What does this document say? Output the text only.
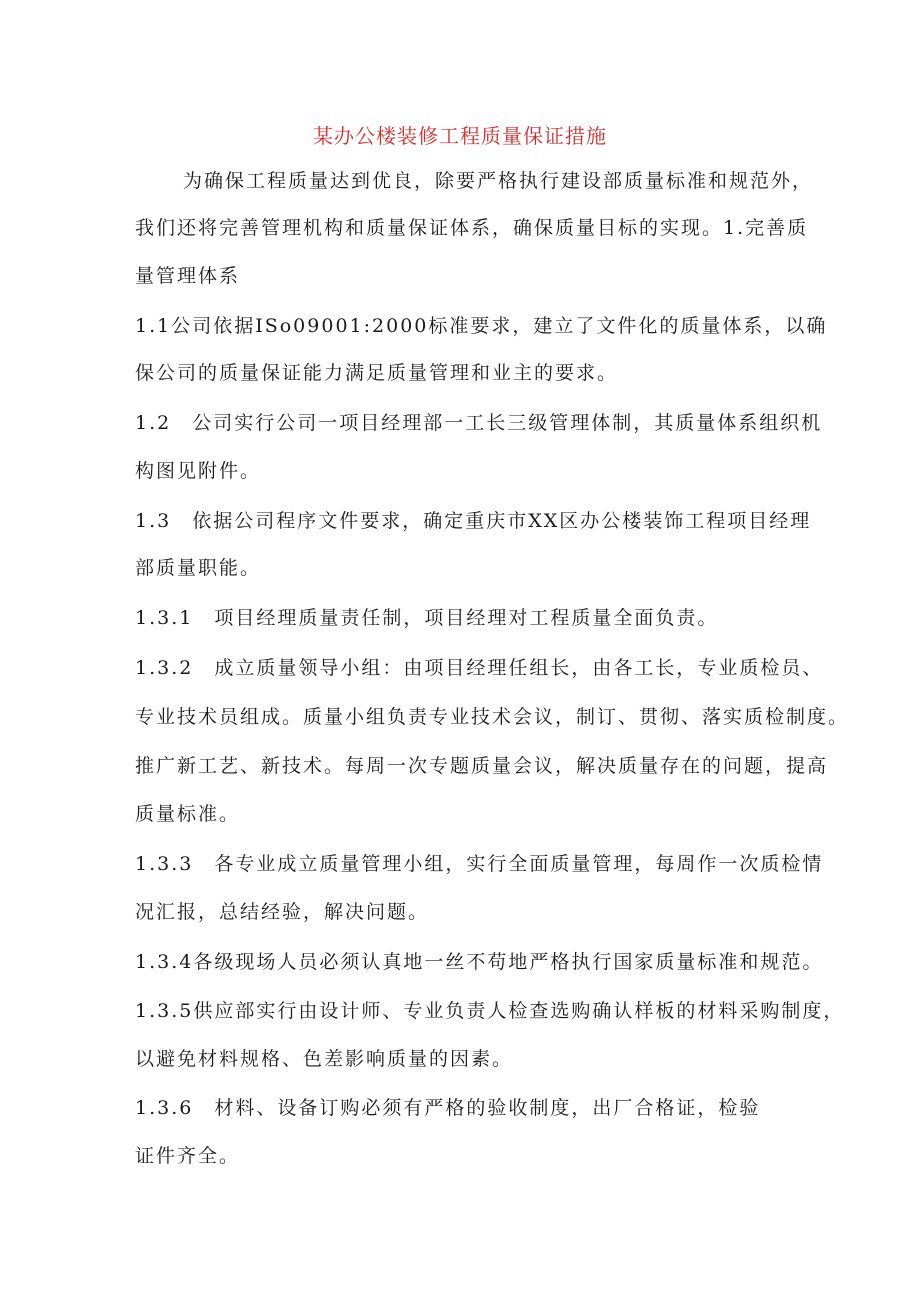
某办公楼装修工程质量保证措施
为确保工程质量达到优良，除要严格执行建设部质量标准和规范外，
我们还将完善管理机构和质量保证体系，确保质量目标的实现。1.完善质
量管理体系
1.1公司依据ISo09001:2000标准要求，建立了文件化的质量体系，以确
保公司的质量保证能力满足质量管理和业主的要求。
1.2　公司实行公司一项目经理部一工长三级管理体制，其质量体系组织机
构图见附件。
1.3　依据公司程序文件要求，确定重庆市XX区办公楼装饰工程项目经理
部质量职能。
1.3.1　项目经理质量责任制，项目经理对工程质量全面负责。
1.3.2　成立质量领导小组：由项目经理任组长，由各工长，专业质检员、
专业技术员组成。质量小组负责专业技术会议，制订、贯彻、落实质检制度。
推广新工艺、新技术。每周一次专题质量会议，解决质量存在的问题，提高
质量标准。
1.3.3　各专业成立质量管理小组，实行全面质量管理，每周作一次质检情
况汇报，总结经验，解决问题。
1.3.4各级现场人员必须认真地一丝不苟地严格执行国家质量标准和规范。
1.3.5供应部实行由设计师、专业负责人检查选购确认样板的材料采购制度，
以避免材料规格、色差影响质量的因素。
1.3.6　材料、设备订购必须有严格的验收制度，出厂合格证，检验
证件齐全。
